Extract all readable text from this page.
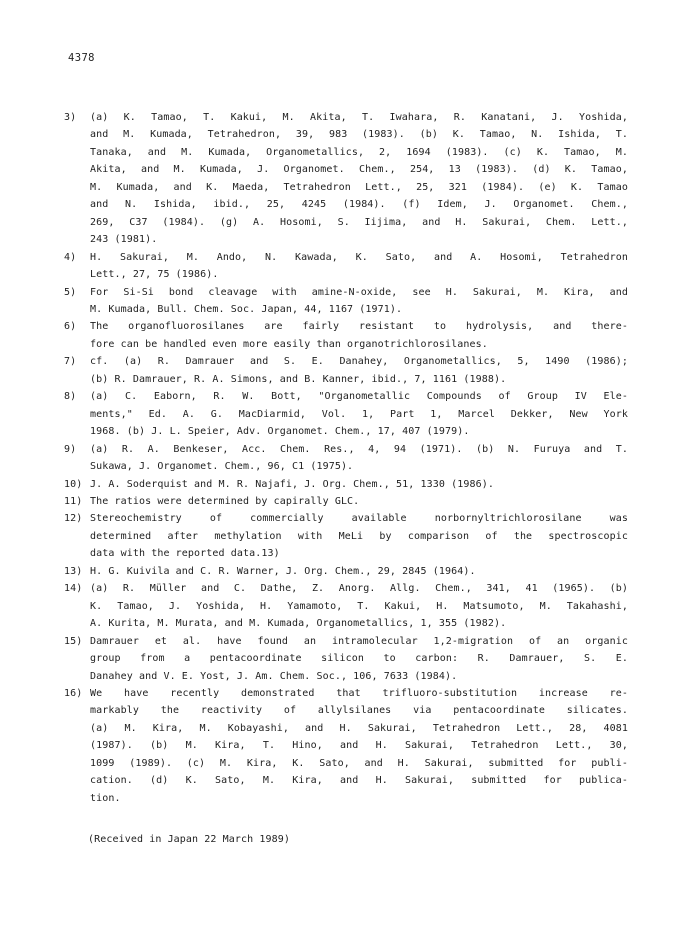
4378
3)	(a) K. Tamao, T. Kakui, M. Akita, T. Iwahara, R. Kanatani, J. Yoshida,
and M. Kumada, Tetrahedron, 39, 983 (1983). (b) K. Tamao, N. Ishida, T.
Tanaka, and M. Kumada, Organometallics, 2, 1694 (1983). (c) K. Tamao, M.
Akita, and M. Kumada, J. Organomet. Chem., 254, 13 (1983). (d) K. Tamao,
M. Kumada, and K. Maeda, Tetrahedron Lett., 25, 321 (1984). (e) K. Tamao
and N. Ishida, ibid., 25, 4245 (1984). (f) Idem, J. Organomet. Chem.,
269, C37 (1984). (g) A. Hosomi, S. Iijima, and H. Sakurai, Chem. Lett.,
243 (1981).
4)	H. Sakurai, M. Ando, N. Kawada, K. Sato, and A. Hosomi, Tetrahedron
Lett., 27, 75 (1986).
5)	For Si-Si bond cleavage with amine-N-oxide, see H. Sakurai, M. Kira, and
M. Kumada, Bull. Chem. Soc. Japan, 44, 1167 (1971).
6)	The organofluorosilanes are fairly resistant to hydrolysis, and there-
fore can be handled even more easily than organotrichlorosilanes.
7)	cf. (a) R. Damrauer and S. E. Danahey, Organometallics, 5, 1490 (1986);
(b) R. Damrauer, R. A. Simons, and B. Kanner, ibid., 7, 1161 (1988).
8)	(a) C. Eaborn, R. W. Bott, "Organometallic Compounds of Group IV Ele-
ments," Ed. A. G. MacDiarmid, Vol. 1, Part 1, Marcel Dekker, New York
1968. (b) J. L. Speier, Adv. Organomet. Chem., 17, 407 (1979).
9)	(a) R. A. Benkeser, Acc. Chem. Res., 4, 94 (1971). (b) N. Furuya and T.
Sukawa, J. Organomet. Chem., 96, C1 (1975).
10) J. A. Soderquist and M. R. Najafi, J. Org. Chem., 51, 1330 (1986).
11) The ratios were determined by capirally GLC.
12) Stereochemistry of commercially available norbornyltrichlorosilane was
determined after methylation with MeLi by comparison of the spectroscopic
data with the reported data.13)
13) H. G. Kuivila and C. R. Warner, J. Org. Chem., 29, 2845 (1964).
14) (a) R. Müller and C. Dathe, Z. Anorg. Allg. Chem., 341, 41 (1965). (b)
K. Tamao, J. Yoshida, H. Yamamoto, T. Kakui, H. Matsumoto, M. Takahashi,
A. Kurita, M. Murata, and M. Kumada, Organometallics, 1, 355 (1982).
15) Damrauer et al. have found an intramolecular 1,2-migration of an organic
group from a pentacoordinate silicon to carbon: R. Damrauer, S. E.
Danahey and V. E. Yost, J. Am. Chem. Soc., 106, 7633 (1984).
16) We have recently demonstrated that trifluoro-substitution increase re-
markably the reactivity of allylsilanes via pentacoordinate silicates.
(a) M. Kira, M. Kobayashi, and H. Sakurai, Tetrahedron Lett., 28, 4081
(1987). (b) M. Kira, T. Hino, and H. Sakurai, Tetrahedron Lett., 30,
1099 (1989). (c) M. Kira, K. Sato, and H. Sakurai, submitted for publi-
cation. (d) K. Sato, M. Kira, and H. Sakurai, submitted for publica-
tion.
(Received in Japan 22 March 1989)
